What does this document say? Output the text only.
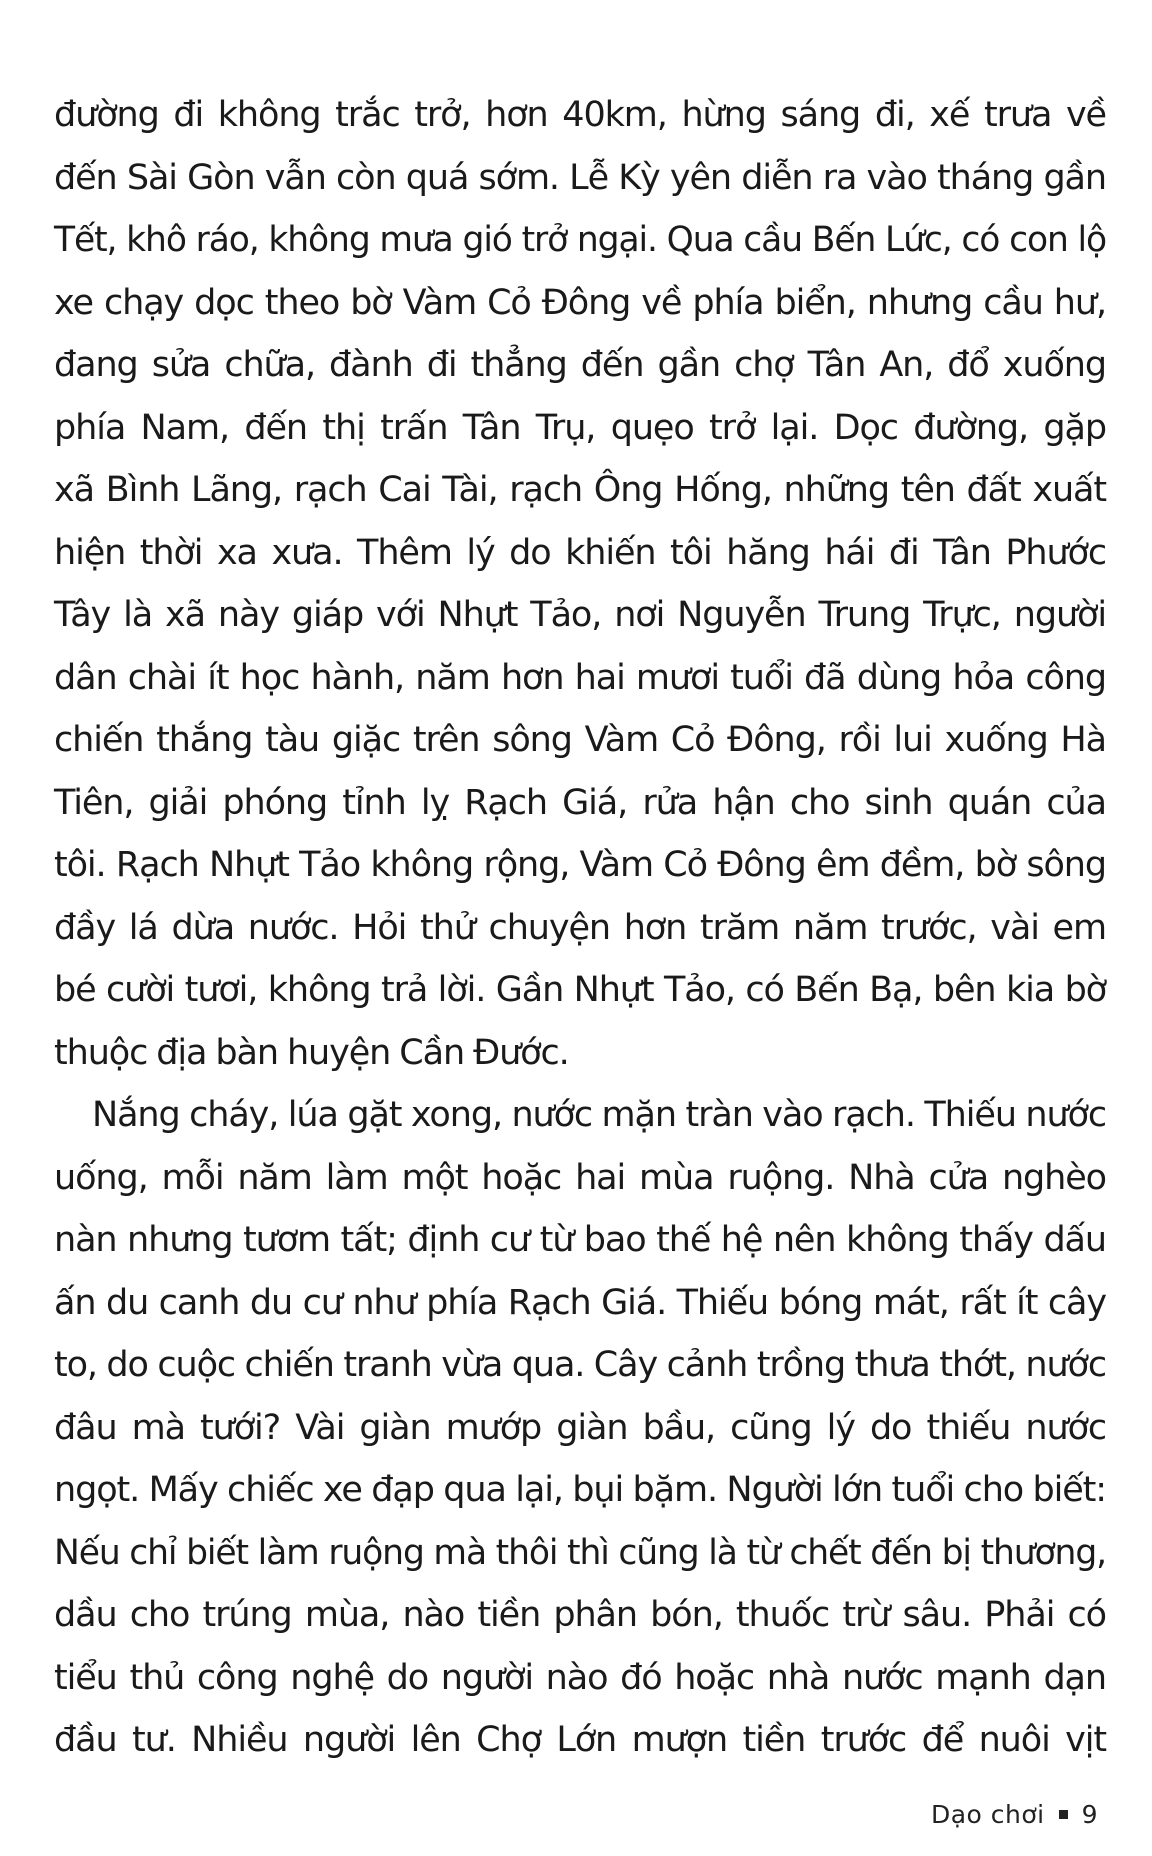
đường đi không trắc trở, hơn 40km, hừng sáng đi, xế trưa về
đến Sài Gòn vẫn còn quá sớm. Lễ Kỳ yên diễn ra vào tháng gần
Tết, khô ráo, không mưa gió trở ngại. Qua cầu Bến Lức, có con lộ
xe chạy dọc theo bờ Vàm Cỏ Đông về phía biển, nhưng cầu hư,
đang sửa chữa, đành đi thẳng đến gần chợ Tân An, đổ xuống
phía Nam, đến thị trấn Tân Trụ, quẹo trở lại. Dọc đường, gặp
xã Bình Lãng, rạch Cai Tài, rạch Ông Hống, những tên đất xuất
hiện thời xa xưa. Thêm lý do khiến tôi hăng hái đi Tân Phước
Tây là xã này giáp với Nhựt Tảo, nơi Nguyễn Trung Trực, người
dân chài ít học hành, năm hơn hai mươi tuổi đã dùng hỏa công
chiến thắng tàu giặc trên sông Vàm Cỏ Đông, rồi lui xuống Hà
Tiên, giải phóng tỉnh lỵ Rạch Giá, rửa hận cho sinh quán của
tôi. Rạch Nhựt Tảo không rộng, Vàm Cỏ Đông êm đềm, bờ sông
đầy lá dừa nước. Hỏi thử chuyện hơn trăm năm trước, vài em
bé cười tươi, không trả lời. Gần Nhựt Tảo, có Bến Bạ, bên kia bờ
thuộc địa bàn huyện Cần Đước.
Nắng cháy, lúa gặt xong, nước mặn tràn vào rạch. Thiếu nước
uống, mỗi năm làm một hoặc hai mùa ruộng. Nhà cửa nghèo
nàn nhưng tươm tất; định cư từ bao thế hệ nên không thấy dấu
ấn du canh du cư như phía Rạch Giá. Thiếu bóng mát, rất ít cây
to, do cuộc chiến tranh vừa qua. Cây cảnh trồng thưa thớt, nước
đâu mà tưới? Vài giàn mướp giàn bầu, cũng lý do thiếu nước
ngọt. Mấy chiếc xe đạp qua lại, bụi bặm. Người lớn tuổi cho biết:
Nếu chỉ biết làm ruộng mà thôi thì cũng là từ chết đến bị thương,
dầu cho trúng mùa, nào tiền phân bón, thuốc trừ sâu. Phải có
tiểu thủ công nghệ do người nào đó hoặc nhà nước mạnh dạn
đầu tư. Nhiều người lên Chợ Lớn mượn tiền trước để nuôi vịt
Dạo chơi 9
